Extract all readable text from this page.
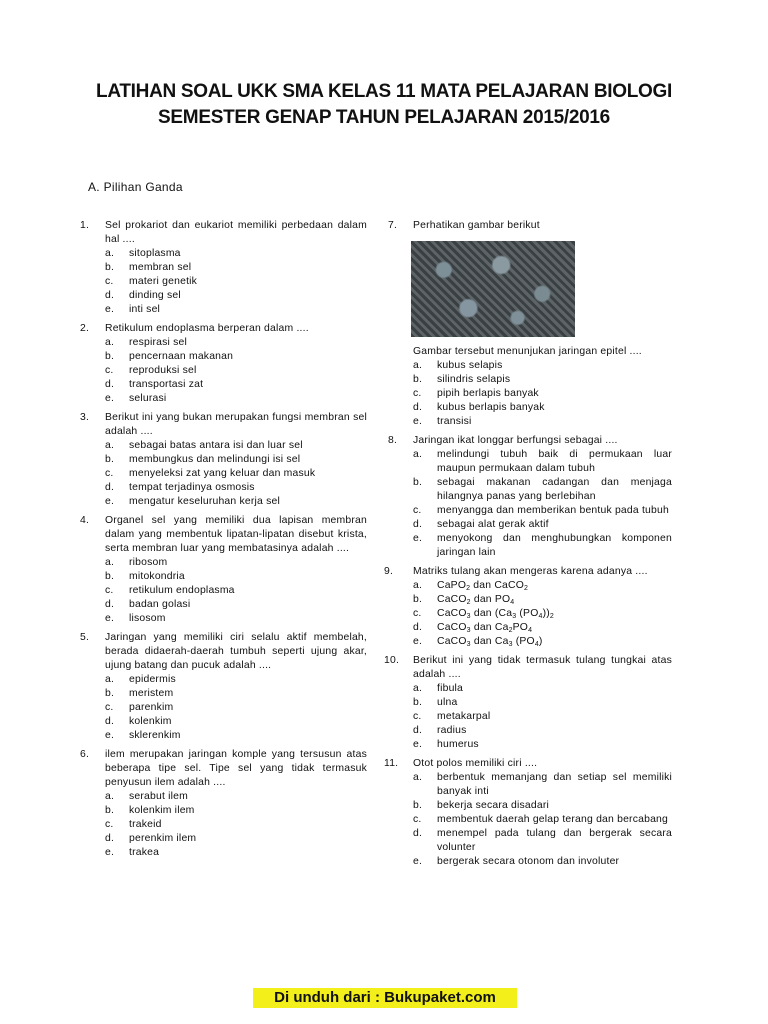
LATIHAN SOAL UKK SMA KELAS 11 MATA PELAJARAN BIOLOGI
SEMESTER GENAP TAHUN PELAJARAN 2015/2016
A. Pilihan Ganda
1. Sel prokariot dan eukariot memiliki perbedaan dalam hal ....
a. sitoplasma
b. membran sel
c. materi genetik
d. dinding sel
e. inti sel
2. Retikulum endoplasma berperan dalam ....
a. respirasi sel
b. pencernaan makanan
c. reproduksi sel
d. transportasi zat
e. selurasi
3. Berikut ini yang bukan merupakan fungsi membran sel adalah ....
a. sebagai batas antara isi dan luar sel
b. membungkus dan melindungi isi sel
c. menyeleksi zat yang keluar dan masuk
d. tempat terjadinya osmosis
e. mengatur keseluruhan kerja sel
4. Organel sel yang memiliki dua lapisan membran dalam yang membentuk lipatan-lipatan disebut krista, serta membran luar yang membatasinya adalah ....
a. ribosom
b. mitokondria
c. retikulum endoplasma
d. badan golasi
e. lisosom
5. Jaringan yang memiliki ciri selalu aktif membelah, berada didaerah-daerah tumbuh seperti ujung akar, ujung batang dan pucuk adalah ....
a. epidermis
b. meristem
c. parenkim
d. kolenkim
e. sklerenkim
6. ilem merupakan jaringan komple yang tersusun atas beberapa tipe sel. Tipe sel yang tidak termasuk penyusun ilem adalah ....
a. serabut ilem
b. kolenkim ilem
c. trakeid
d. perenkim ilem
e. trakea
7. Perhatikan gambar berikut
Gambar tersebut menunjukan jaringan epitel ....
a. kubus selapis
b. silindris selapis
c. pipih berlapis banyak
d. kubus berlapis banyak
e. transisi
8. Jaringan ikat longgar berfungsi sebagai ....
a. melindungi tubuh baik di permukaan luar maupun permukaan dalam tubuh
b. sebagai makanan cadangan dan menjaga hilangnya panas yang berlebihan
c. menyangga dan memberikan bentuk pada tubuh
d. sebagai alat gerak aktif
e. menyokong dan menghubungkan komponen jaringan lain
9. Matriks tulang akan mengeras karena adanya ....
a. CaPO$_2$ dan CaCO$_2$
b. CaCO$_2$ dan $PO_4$
c. CaCO$_3$ dan ($Ca_3$ $(PO_4))_2$
d. CaCO$_3$ dan $Ca_2PO_4$
e. CaCO$_3$ dan $Ca_3$ $(PO_4)$
10. Berikut ini yang tidak termasuk tulang tungkai atas adalah ....
a. fibula
b. ulna
c. metakarpal
d. radius
e. humerus
11. Otot polos memiliki ciri ....
a. berbentuk memanjang dan setiap sel memiliki banyak inti
b. bekerja secara disadari
c. membentuk daerah gelap terang dan bercabang
d. menempel pada tulang dan bergerak secara volunter
e. bergerak secara otonom dan involuter
Di unduh dari : Bukupaket.com
